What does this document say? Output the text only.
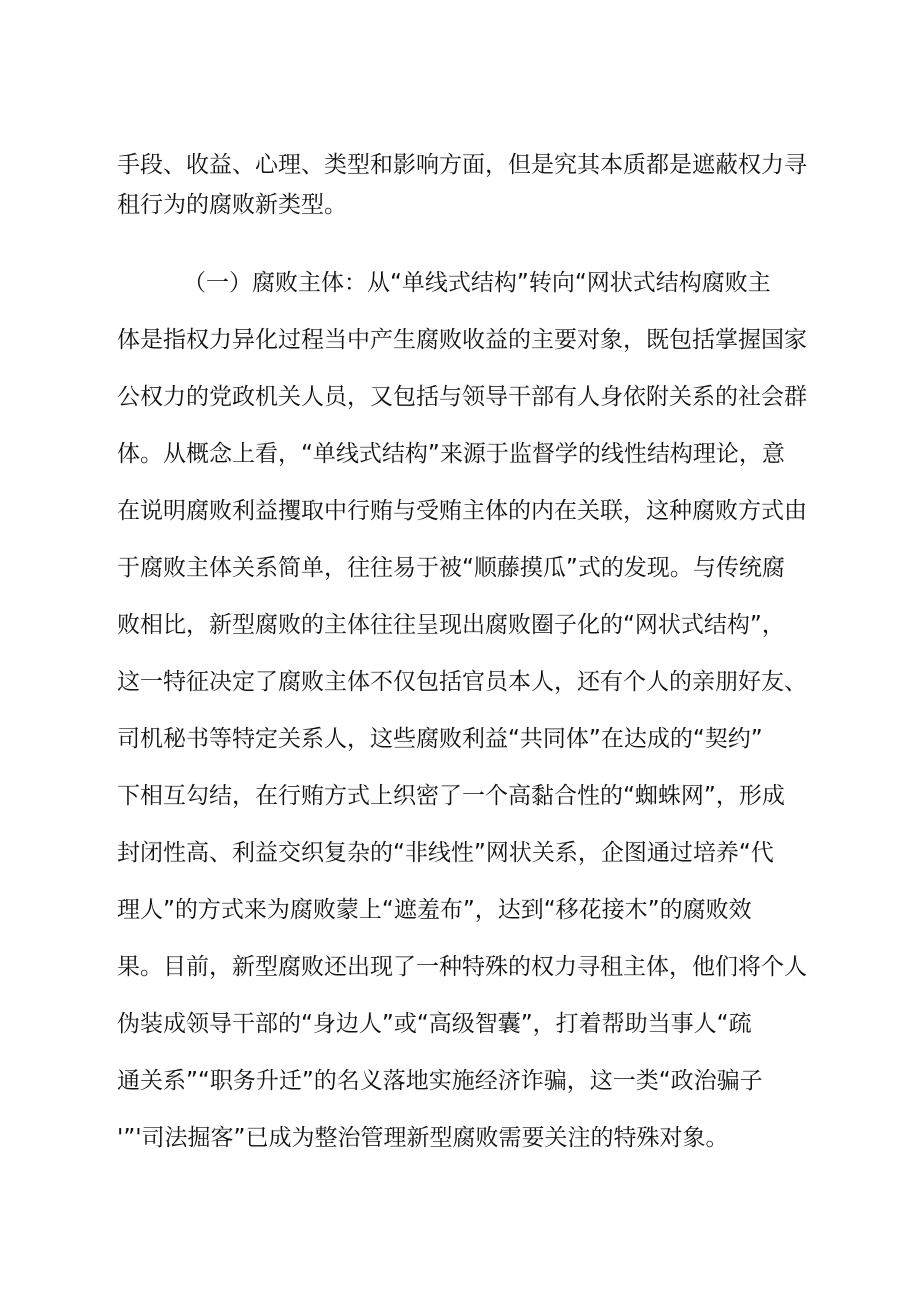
手段、收益、心理、类型和影响方面，但是究其本质都是遮蔽权力寻
租行为的腐败新类型。
（一）腐败主体：从“单线式结构”转向“网状式结构腐败主
体是指权力异化过程当中产生腐败收益的主要对象，既包括掌握国家
公权力的党政机关人员，又包括与领导干部有人身依附关系的社会群
体。从概念上看，“单线式结构”来源于监督学的线性结构理论，意
在说明腐败利益攫取中行贿与受贿主体的内在关联，这种腐败方式由
于腐败主体关系简单，往往易于被“顺藤摸瓜”式的发现。与传统腐
败相比，新型腐败的主体往往呈现出腐败圈子化的“网状式结构”，
这一特征决定了腐败主体不仅包括官员本人，还有个人的亲朋好友、
司机秘书等特定关系人，这些腐败利益“共同体”在达成的“契约”
下相互勾结，在行贿方式上织密了一个高黏合性的“蜘蛛网”，形成
封闭性高、利益交织复杂的“非线性”网状关系，企图通过培养“代
理人”的方式来为腐败蒙上“遮羞布”，达到“移花接木”的腐败效
果。目前，新型腐败还出现了一种特殊的权力寻租主体，他们将个人
伪装成领导干部的“身边人”或“高级智囊”，打着帮助当事人“疏
通关系”“职务升迁”的名义落地实施经济诈骗，这一类“政治骗子
'”'司法掘客”已成为整治管理新型腐败需要关注的特殊对象。
